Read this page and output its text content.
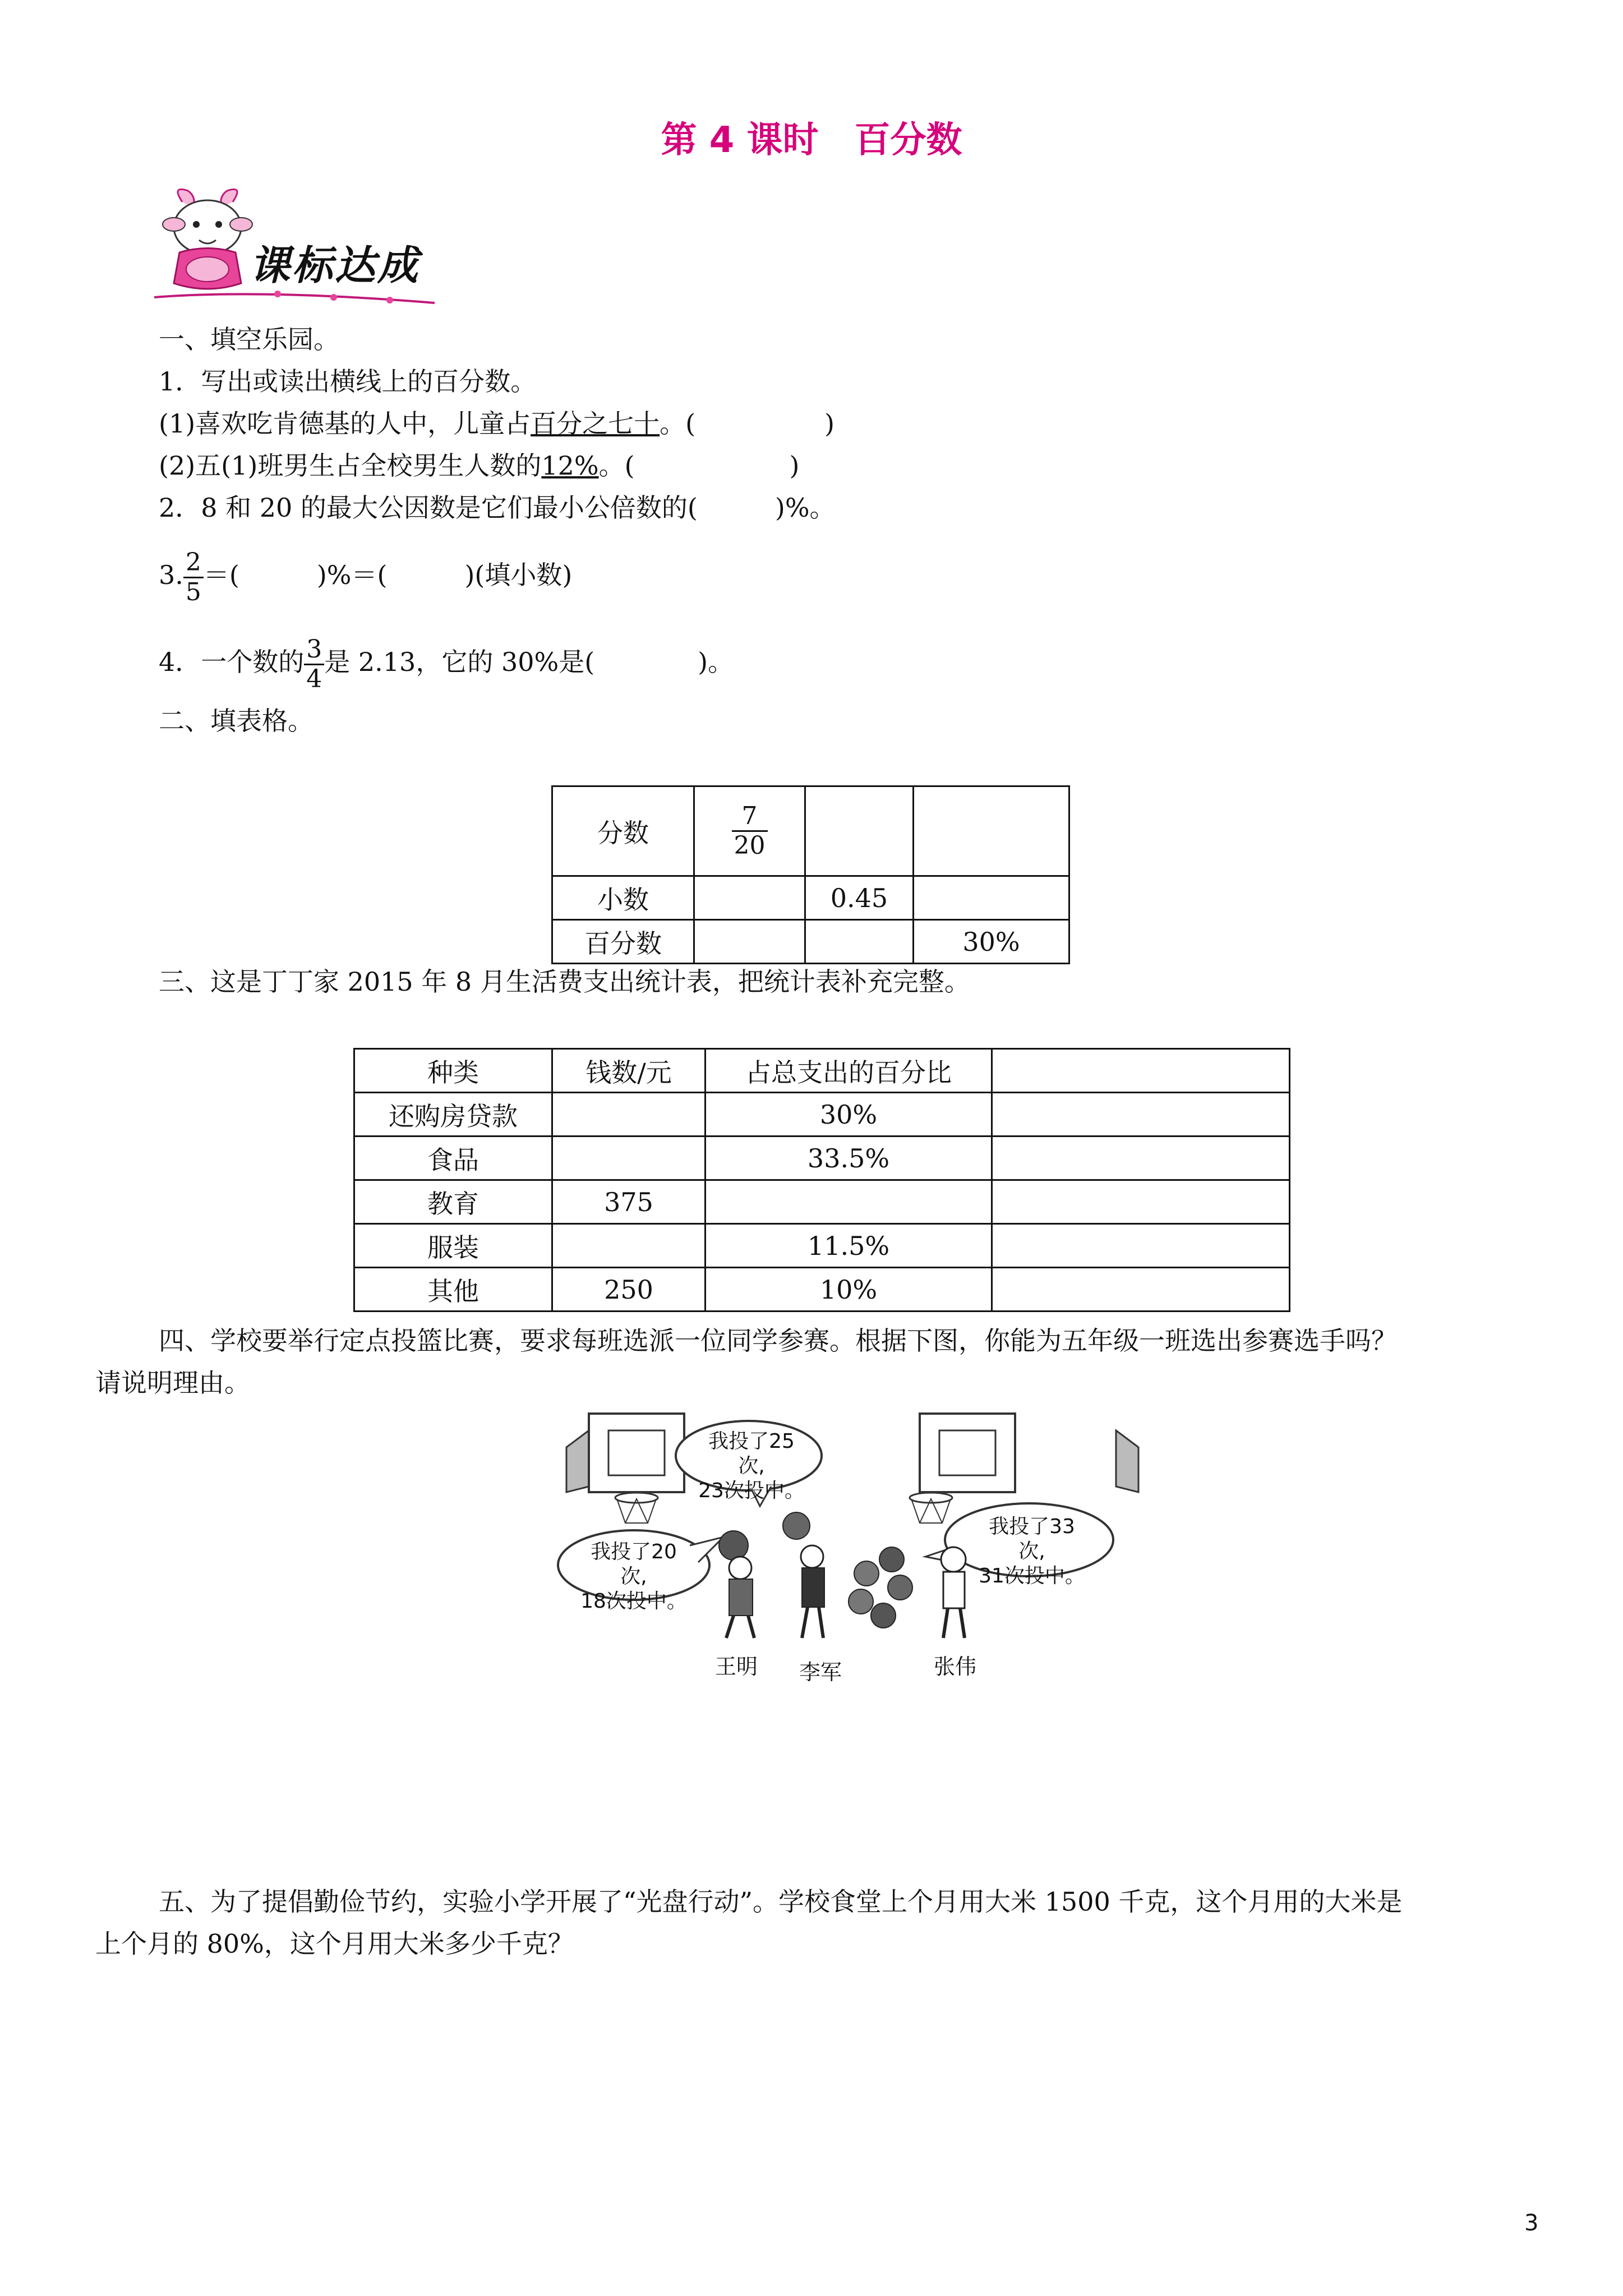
第 4 课时　百分数
课标达成
一、填空乐园。
1．写出或读出横线上的百分数。
(1)喜欢吃肯德基的人中，儿童占百分之七十。(　　　　　)
(2)五(1)班男生占全校男生人数的12%。(　　　　　　)
2．8 和 20 的最大公因数是它们最小公倍数的(　　　)%。
3. $\frac{2}{5}$ ＝(　　　)%＝(　　　)(填小数)
4．一个数的 $\frac{3}{4}$ 是 2.13，它的 30%是(　　　　)。
二、填表格。
分数	$\frac{7}{20}$

小数		0.45	
百分数			30%
三、这是丁丁家 2015 年 8 月生活费支出统计表，把统计表补充完整。
种类	钱数/元	占总支出的百分比	
还购房贷款		30%	
食品		33.5%	
教育	375		
服装		11.5%	
其他	250	10%	
四、学校要举行定点投篮比赛，要求每班选派一位同学参赛。根据下图，你能为五年级一班选出参赛选手吗？
请说明理由。
我投了25次,
23次投中。
我投了20次,
18次投中。
我投了33次,
31次投中。
王明 李军	张伟
五、为了提倡勤俭节约，实验小学开展了“光盘行动”。学校食堂上个月用大米 1500 千克，这个月用的大米是
上个月的 80%，这个月用大米多少千克？
3
